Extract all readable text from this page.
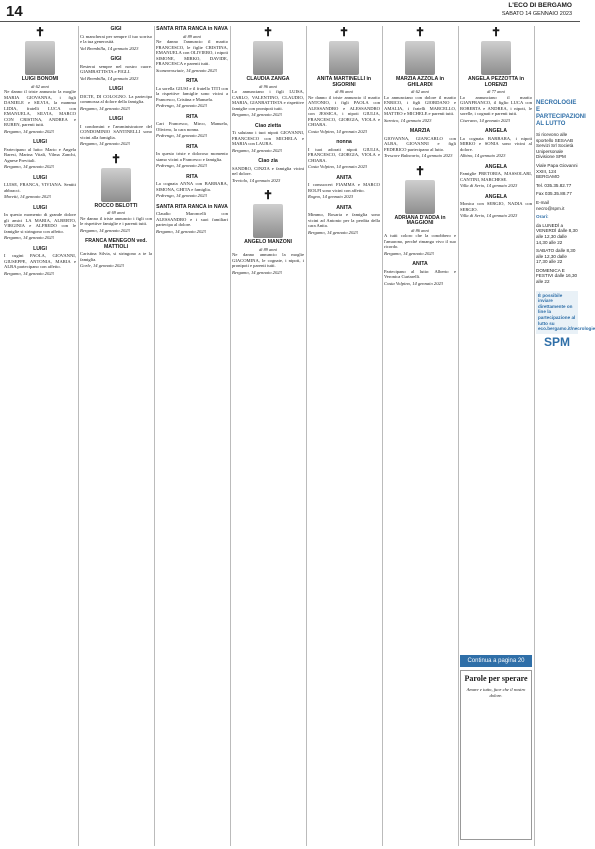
14	L'ECO DI BERGAMO
SABATO 14 GENNAIO 2023
✝
LUIGI BONOMI
di 62 anni
Ne danno il triste annuncio la moglie MARIA GIOVANNA, i figli DANIELE e SILVIA, la mamma LIDIA, fratelli LUCA con EMANUELA, SILVIA, MARCO CON CRISTINA, ANDREA e RUBEN, parenti tutti.
Bergamo, 14 gennaio 2023
LUIGI
Partecipano al lutto: Mario e Angela Baresi, Marina Vitali, Vilma Zanchi, Agnese Previtali.
Bergamo, 14 gennaio 2023
LUIGI
LUISE, FRANCA, VIVIANA. Sentiti abbracci.
Moretti, 14 gennaio 2023
LUIGI
In questo momento di grande dolore gli amici LA MARIA, ALBERTO, VIRGINIA e ALFREDO con le famiglie si stringono con affetto.
Bergamo, 14 gennaio 2023
LUIGI
I cugini PAOLA, GIOVANNI, GIUSEPPE, ANTONIA, MARIA e ALBA partecipano con affetto.
Bergamo, 14 gennaio 2023
GIGI
Ci mancherai per sempre il tuo sorriso e la tua generosità.
Val Brembilla, 14 gennaio 2023
GIGI
Resterai sempre nel nostro cuore. GIAMBATTISTA e FIGLI.
Val Brembilla, 14 gennaio 2023
LUIGI
DICTE, DI COLOGNO. La partecipa commossa al dolore della famiglia.
Bergamo, 14 gennaio 2023
LUIGI
I condomini e l'amministratore del CONDOMINIO SANTINELLI sono vicini alla famiglia.
Bergamo, 14 gennaio 2023
✝
ROCCO BELOTTI
di 69 anni
Ne danno il triste annuncio i figli con le rispettive famiglie e i parenti tutti.
Bergamo, 14 gennaio 2023
FRANCA MENEGON ved. MATTIOLI
Caristina Silvia, si stringono a te la famiglia.
Gorle, 14 gennaio 2023
SANTA RITA RANCA in NAVA
di 89 anni
Ne danno l'annuncio il marito FRANCESCO, le figlie CRISTINA, EMANUELA con OLIVIERO, i nipoti SIMONE, MIRKO, DAVIDE, FRANCESCA e parenti tutti.
Scanzorosciate, 14 gennaio 2023
RITA
La sorella GIUSI e il fratello TITI con la rispettive famiglie sono vicini a Francesco, Cristina e Manuela.
Pedrengo, 14 gennaio 2023
RITA
Cari Francesco, Mirco, Manuela, Oliviero, la cara nonna.
Pedrengo, 14 gennaio 2023
RITA
In questo triste e doloroso momento siamo vicini a Francesco e famiglia.
Pedrengo, 14 gennaio 2023
RITA
La cognata ANNA con BARBARA, SIMONA, GHITA e famiglia.
Pedrengo, 14 gennaio 2023
SANTA RITA RANCA in NAVA
Claudio Maroncelli con ALESSANDRO e i suoi familiari partecipa al dolore.
Bergamo, 14 gennaio 2023
✝
CLAUDIA ZANGA
di 96 anni
Lo annunciano i figli LUISA, CARLO, VALENTINO, CLAUDIO, MARIA, GIANBATTISTA e rispettive famiglie con pronipoti tutti.
Bergamo, 14 gennaio 2023
Ciao zietta
Ti salutano i tuoi nipoti GIOVANNI, FRANCESCO con MICHELA e MARIA con LAURA.
Bergamo, 14 gennaio 2023
Ciao zia
SANDRO, CINZIA e famiglia vicini nel dolore.
Treviolo, 14 gennaio 2023
✝
ANGELO MANZONI
di 89 anni
Ne danno annuncio la moglie GIACOMINA, le cognate, i nipoti, i pronipoti e parenti tutti.
Bergamo, 14 gennaio 2023
✝
ANITA MARTINELLI in SIGORINI
di 86 anni
Ne danno il triste annuncio il marito ANTONIO, i figli PAOLA con ALESSANDRO e ALESSANDRO con JESSICA, i nipoti GIULIA, FRANCESCO, GIORGIA, VIOLA e CHIARA.
Costa Volpino, 14 gennaio 2023
nonna
I tuoi adorati nipoti GIULIA, FRANCESCO, GIORGIA, VIOLA e CHIARA.
Costa Volpino, 14 gennaio 2023
ANITA
I consuoceri FIAMMA e MARCO ROLFI sono vicini con affetto.
Rogno, 14 gennaio 2023
ANITA
Mimmo, Rosaria e famiglia sono vicini ad Antonio per la perdita della cara Anita.
Bergamo, 14 gennaio 2023
✝
MARZIA AZZOLA in GHILARDI
di 62 anni
Lo annunciano con dolore il marito ENRICO, i figli GIORDANO e AMALIA, i fratelli MARCELLO, MATTEO e MICHELE e parenti tutti.
Sarnico, 14 gennaio 2023
MARZIA
GIOVANNA, GIANCARLO con ALBA, GIOVANNI e figli FEDERICO partecipano al lutto.
Trescore Balneario, 14 gennaio 2023
✝
ADRIANA D'ADDA in MAGGIONI
di 86 anni
A tutti coloro che la conobbero e l'amarono, perché rimanga vivo il suo ricordo.
Bergamo, 14 gennaio 2023
ANITA
Partecipano al lutto: Alberto e Veronica Curtarelli.
Costa Volpino, 14 gennaio 2023
✝
ANGELA PEZZOTTA in LORENZI
di 77 anni
Lo annunciano il marito GIANFRANCO, il figlio LUCA con ROBERTA e ANDREA, i nipoti, le sorelle, i cognati e parenti tutti.
Ciserano, 14 gennaio 2023
ANGELA
La cognata BARBARA, i nipoti MIRKO e SONIA sono vicini al dolore.
Albino, 14 gennaio 2023
ANGELA
Famiglie PRETORIA, MASSOLARI, CANTINI, MARCHESE.
Villa di Serio, 14 gennaio 2023
ANGELA
Monica con SERGIO, NADIA con SERGIO.
Villa di Serio, 14 gennaio 2023
Continua a pagina 20
Parole per sperare

Amare e tutto, fuor che il nostro dolore.

NECROLOGIE E PARTECIPAZIONI AL LUTTO

Si ricevono alle sportello SESAAB Servizi Srl Società Unipersonale Divisione SPM

Viale Papa Giovanni XXIII, 124 BERGAMO

Tel. 035.35.82.77

Fax 035.35.88.77

E-mail necro@spm.it

Orari:

da LUNEDÌ a VENERDÌ dalle 8,30 alle 12,30 dalle 14,30 alle 22

SABATO dalle 8,30 alle 12,30 dalle 17,30 alle 22

DOMENICA E FESTIVI dalle 16,30 alle 22

È possibile inviare direttamente on line la partecipazione al lutto su eco.bergamo.it/necrologie
SPM
